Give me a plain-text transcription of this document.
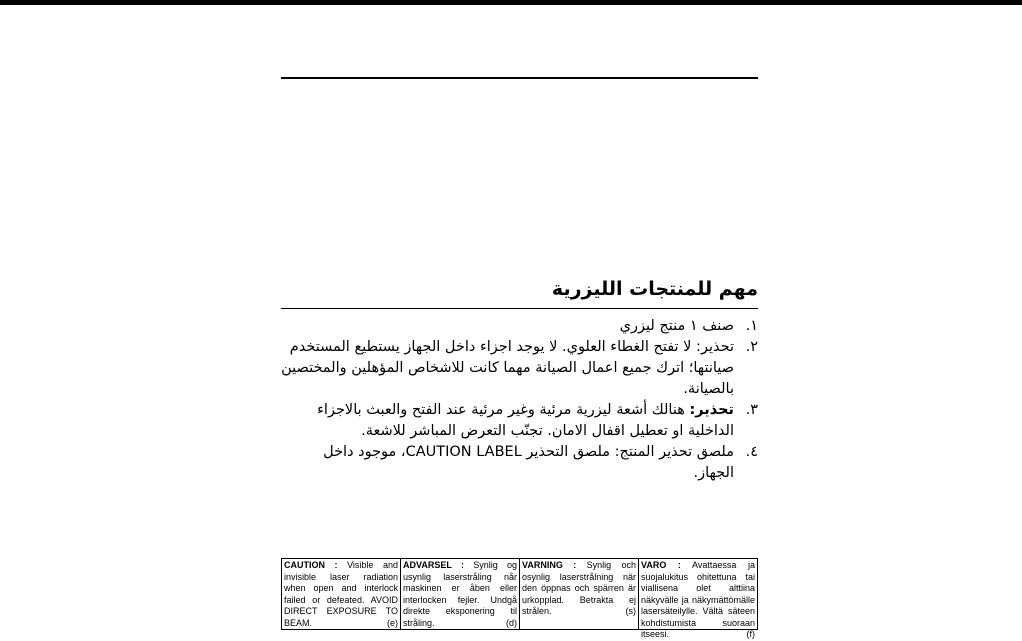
مهم للمنتجات الليزرية
١.
صنف ١ منتج ليزري
٢.
تحذير: لا تفتح الغطاء العلوي. لا يوجد اجزاء داخل الجهاز يستطيع المستخدم صيانتها؛ اترك جميع اعمال الصيانة مهما كانت للاشخاص المؤهلين والمختصين بالصيانة.
٣.
تحذير: هنالك أشعة ليزرية مرئية وغير مرئية عند الفتح والعبث بالاجزاء الداخلية او تعطيل اقفال الامان. تجنّب التعرض المباشر للاشعة.
٤.
ملصق تحذير المنتج: ملصق التحذير CAUTION LABEL، موجود داخل الجهاز.
CAUTION : Visible and invisible laser radiation when open and interlock failed or defeated. AVOID DIRECT EXPOSURE TO BEAM.	(e)
ADVARSEL : Synlig og usynlig laserstråling når maskinen er åben eller interlocken fejler. Undgå direkte eksponering til stråling.	(d)
VARNING : Synlig och osynlig laserstrålning när den öppnas och spärren är urkopplad. Betrakta ej strålen.	(s)
VARO : Avattaessa ja suojalukitus ohitettuna tai viallisena olet alttiina näkyvälle ja näkymättömälle lasersäteilylle. Vältä säteen kohdistumista suoraan itseesi.	(f)
